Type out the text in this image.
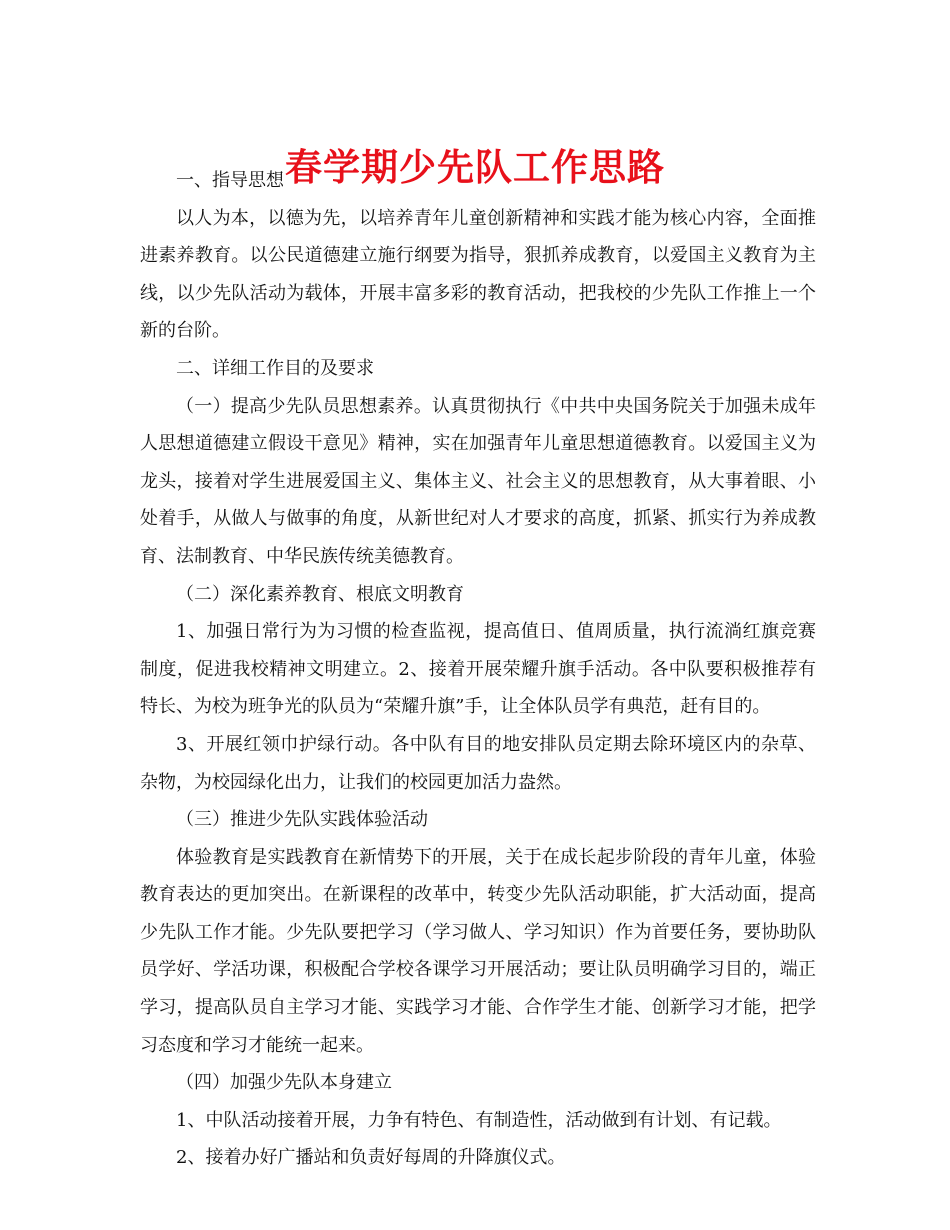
春学期少先队工作思路

一、指导思想

以人为本，以德为先，以培养青年儿童创新精神和实践才能为核心内容，全面推进素养教育。以公民道德建立施行纲要为指导，狠抓养成教育，以爱国主义教育为主线，以少先队活动为载体，开展丰富多彩的教育活动，把我校的少先队工作推上一个新的台阶。

二、详细工作目的及要求

（一）提高少先队员思想素养。认真贯彻执行《中共中央国务院关于加强未成年人思想道德建立假设干意见》精神，实在加强青年儿童思想道德教育。以爱国主义为龙头，接着对学生进展爱国主义、集体主义、社会主义的思想教育，从大事着眼、小处着手，从做人与做事的角度，从新世纪对人才要求的高度，抓紧、抓实行为养成教育、法制教育、中华民族传统美德教育。

（二）深化素养教育、根底文明教育

1、加强日常行为为习惯的检查监视，提高值日、值周质量，执行流淌红旗竞赛制度，促进我校精神文明建立。2、接着开展荣耀升旗手活动。各中队要积极推荐有特长、为校为班争光的队员为“荣耀升旗”手，让全体队员学有典范，赶有目的。

3、开展红领巾护绿行动。各中队有目的地安排队员定期去除环境区内的杂草、杂物，为校园绿化出力，让我们的校园更加活力盎然。

（三）推进少先队实践体验活动

体验教育是实践教育在新情势下的开展，关于在成长起步阶段的青年儿童，体验教育表达的更加突出。在新课程的改革中，转变少先队活动职能，扩大活动面，提高少先队工作才能。少先队要把学习（学习做人、学习知识）作为首要任务，要协助队员学好、学活功课，积极配合学校各课学习开展活动；要让队员明确学习目的，端正学习，提高队员自主学习才能、实践学习才能、合作学生才能、创新学习才能，把学习态度和学习才能统一起来。

（四）加强少先队本身建立

1、中队活动接着开展，力争有特色、有制造性，活动做到有计划、有记载。

2、接着办好广播站和负责好每周的升降旗仪式。
